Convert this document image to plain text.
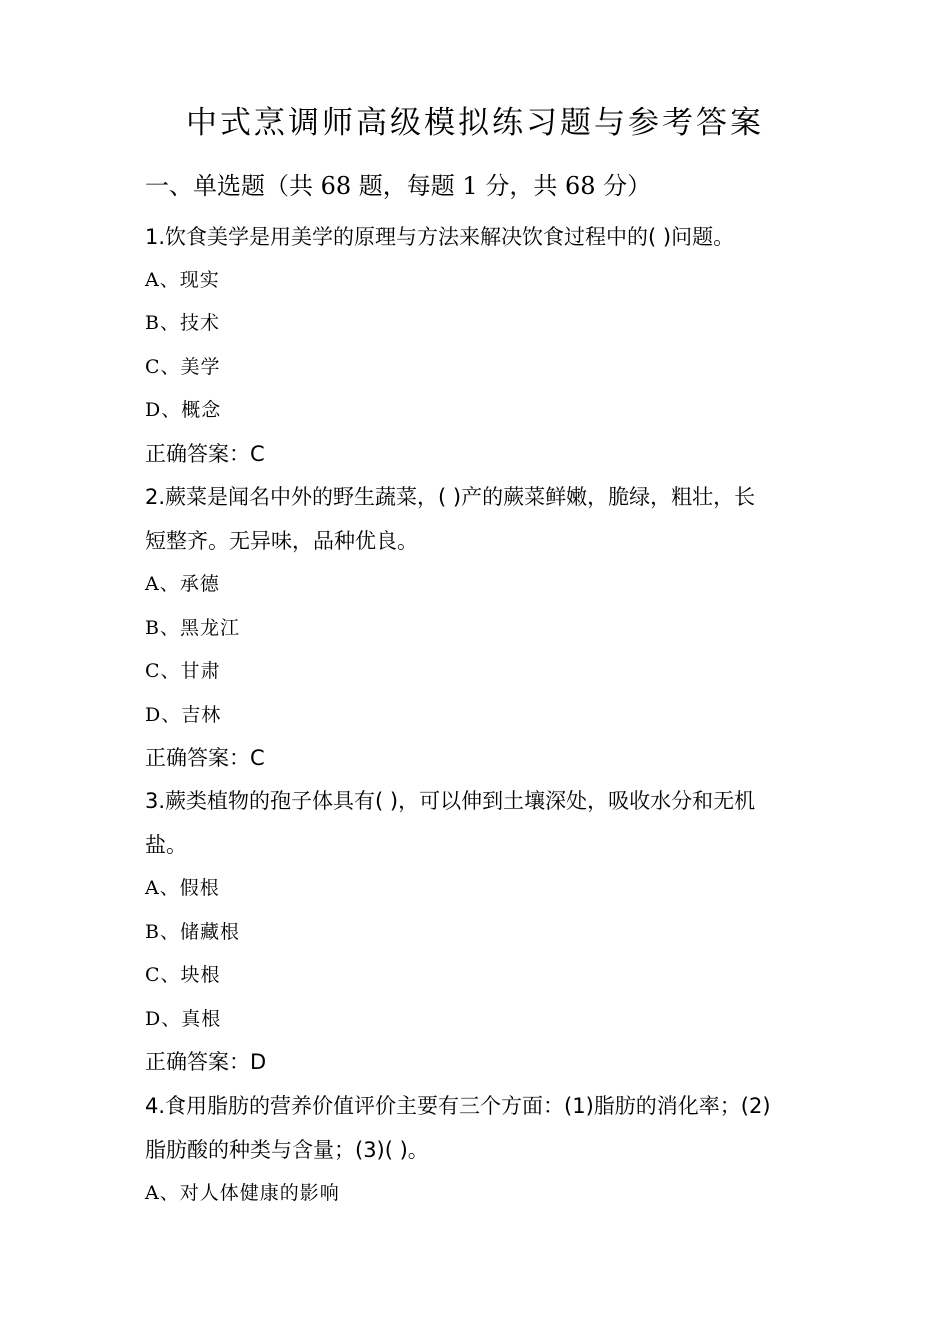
中式烹调师高级模拟练习题与参考答案
一、单选题（共 68 题，每题 1 分，共 68 分）
1.饮食美学是用美学的原理与方法来解决饮食过程中的( )问题。
A、现实
B、技术
C、美学
D、概念
正确答案：C
2.蕨菜是闻名中外的野生蔬菜，( )产的蕨菜鲜嫩，脆绿，粗壮，长
短整齐。无异味，品种优良。
A、承德
B、黑龙江
C、甘肃
D、吉林
正确答案：C
3.蕨类植物的孢子体具有( )，可以伸到土壤深处，吸收水分和无机
盐。
A、假根
B、储藏根
C、块根
D、真根
正确答案：D
4.食用脂肪的营养价值评价主要有三个方面：(1)脂肪的消化率；(2)
脂肪酸的种类与含量；(3)( )。
A、对人体健康的影响
